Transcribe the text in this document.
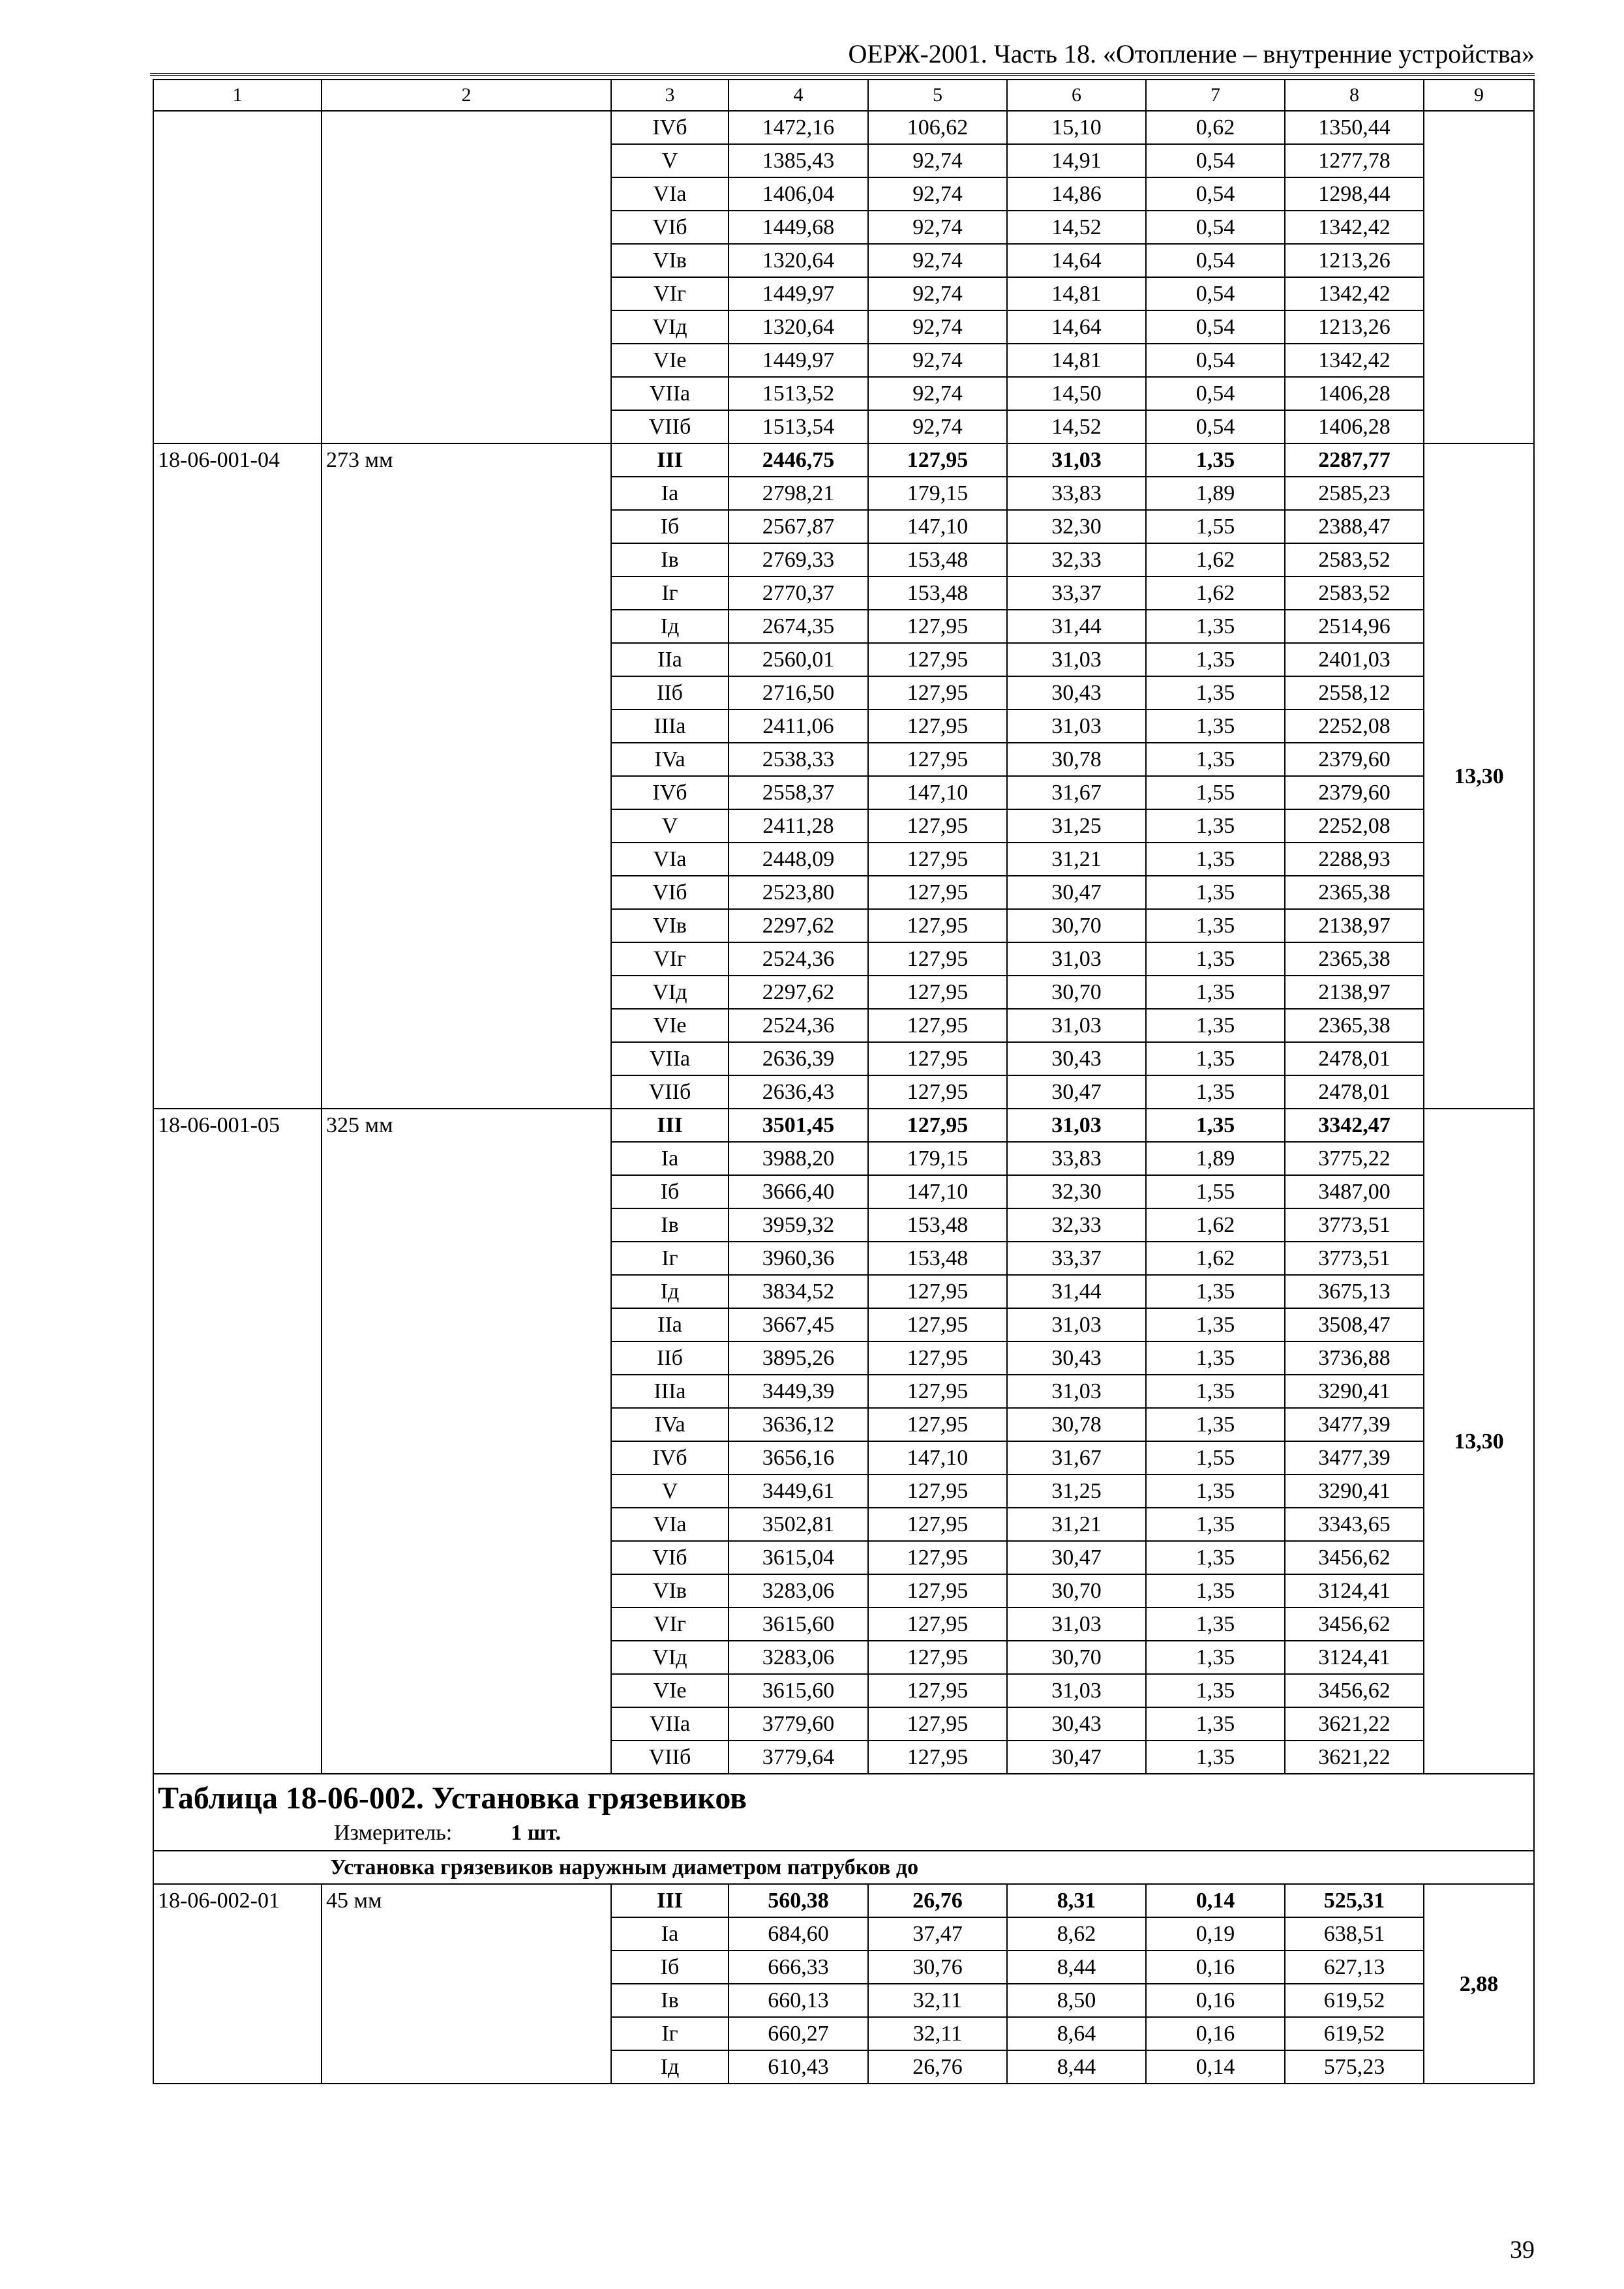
ОЕРЖ-2001. Часть 18. «Отопление – внутренние устройства»
1	2	3	4	5	6	7	8	9
		IVб	1472,16	106,62	15,10	0,62	1350,44	
		V	1385,43	92,74	14,91	0,54	1277,78	
		VIa	1406,04	92,74	14,86	0,54	1298,44	
		VIб	1449,68	92,74	14,52	0,54	1342,42	
		VIв	1320,64	92,74	14,64	0,54	1213,26	
		VIг	1449,97	92,74	14,81	0,54	1342,42	
		VIд	1320,64	92,74	14,64	0,54	1213,26	
		VIe	1449,97	92,74	14,81	0,54	1342,42	
		VIIa	1513,52	92,74	14,50	0,54	1406,28	
		VIIб	1513,54	92,74	14,52	0,54	1406,28	
18-06-001-04	273 мм	III	2446,75	127,95	31,03	1,35	2287,77	13,30
		Ia	2798,21	179,15	33,83	1,89	2585,23	
		Iб	2567,87	147,10	32,30	1,55	2388,47	
		Iв	2769,33	153,48	32,33	1,62	2583,52	
		Iг	2770,37	153,48	33,37	1,62	2583,52	
		Iд	2674,35	127,95	31,44	1,35	2514,96	
		IIa	2560,01	127,95	31,03	1,35	2401,03	
		IIб	2716,50	127,95	30,43	1,35	2558,12	
		IIIa	2411,06	127,95	31,03	1,35	2252,08	
		IVa	2538,33	127,95	30,78	1,35	2379,60	
		IVб	2558,37	147,10	31,67	1,55	2379,60	
		V	2411,28	127,95	31,25	1,35	2252,08	
		VIa	2448,09	127,95	31,21	1,35	2288,93	
		VIб	2523,80	127,95	30,47	1,35	2365,38	
		VIв	2297,62	127,95	30,70	1,35	2138,97	
		VIг	2524,36	127,95	31,03	1,35	2365,38	
		VIд	2297,62	127,95	30,70	1,35	2138,97	
		VIe	2524,36	127,95	31,03	1,35	2365,38	
		VIIa	2636,39	127,95	30,43	1,35	2478,01	
		VIIб	2636,43	127,95	30,47	1,35	2478,01	
18-06-001-05	325 мм	III	3501,45	127,95	31,03	1,35	3342,47	13,30
		Ia	3988,20	179,15	33,83	1,89	3775,22	
		Iб	3666,40	147,10	32,30	1,55	3487,00	
		Iв	3959,32	153,48	32,33	1,62	3773,51	
		Iг	3960,36	153,48	33,37	1,62	3773,51	
		Iд	3834,52	127,95	31,44	1,35	3675,13	
		IIa	3667,45	127,95	31,03	1,35	3508,47	
		IIб	3895,26	127,95	30,43	1,35	3736,88	
		IIIa	3449,39	127,95	31,03	1,35	3290,41	
		IVa	3636,12	127,95	30,78	1,35	3477,39	
		IVб	3656,16	147,10	31,67	1,55	3477,39	
		V	3449,61	127,95	31,25	1,35	3290,41	
		VIa	3502,81	127,95	31,21	1,35	3343,65	
		VIб	3615,04	127,95	30,47	1,35	3456,62	
		VIв	3283,06	127,95	30,70	1,35	3124,41	
		VIг	3615,60	127,95	31,03	1,35	3456,62	
		VIд	3283,06	127,95	30,70	1,35	3124,41	
		VIe	3615,60	127,95	31,03	1,35	3456,62	
		VIIa	3779,60	127,95	30,43	1,35	3621,22	
		VIIб	3779,64	127,95	30,47	1,35	3621,22	

Таблица 18-06-002. Установка грязевиков
Измеритель: 1 шт.								

Установка грязевиков наружным диаметром патрубков до								
18-06-002-01	45 мм	III	560,38	26,76	8,31	0,14	525,31	2,88
		Ia	684,60	37,47	8,62	0,19	638,51	
		Iб	666,33	30,76	8,44	0,16	627,13	
		Iв	660,13	32,11	8,50	0,16	619,52	
		Iг	660,27	32,11	8,64	0,16	619,52	
		Iд	610,43	26,76	8,44	0,14	575,23	
39
